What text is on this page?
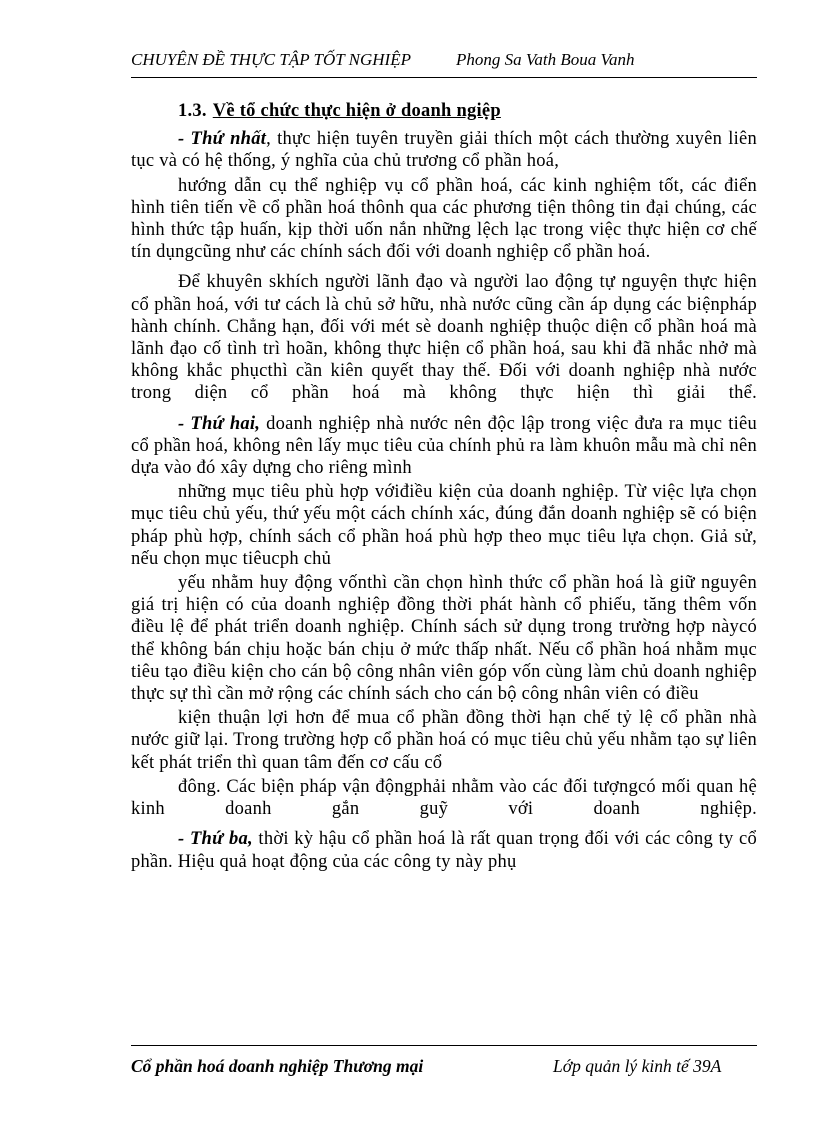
CHUYÊN ĐỀ THỰC TẬP TỐT NGHIỆP	Phong Sa Vath Boua Vanh

1.3. Về tổ chức thực hiện ở doanh ngiệp

- Thứ nhất, thực hiện tuyên truyền giải thích một cách thường xuyên liên tục và có hệ thống, ý nghĩa của chủ trương cổ phần hoá,

hướng dẫn cụ thể nghiệp vụ cổ phần hoá, các kinh nghiệm tốt, các điển hình tiên tiến về cổ phần hoá thônh qua các phương tiện thông tin đại chúng, các hình thức tập huấn, kịp thời uốn nắn những lệch lạc trong việc thực hiện cơ chế tín dụngcũng như các chính sách đối với doanh nghiệp cổ phần hoá.

Để khuyên skhích người lãnh đạo và người lao động tự nguyện thực hiện cổ phần hoá, với tư cách là chủ sở hữu, nhà nước cũng cần áp dụng các biệnpháp hành chính. Chẳng hạn, đối với mét sè doanh nghiệp thuộc diện cổ phần hoá mà lãnh đạo cố tình trì hoãn, không thực hiện cổ phần hoá, sau khi đã nhắc nhở mà không khắc phụcthì cần kiên quyết thay thế. Đối với doanh nghiệp nhà nước trong diện cổ phần hoá mà không thực hiện thì giải thể.

- Thứ hai, doanh nghiệp nhà nước nên độc lập trong việc đưa ra mục tiêu cổ phần hoá, không nên lấy mục tiêu của chính phủ ra làm khuôn mẫu mà chỉ nên dựa vào đó xây dựng cho riêng mình

những mục tiêu phù hợp vớiđiều kiện của doanh nghiệp. Từ việc lựa chọn mục tiêu chủ yếu, thứ yếu một cách chính xác, đúng đắn doanh nghiệp sẽ có biện pháp phù hợp, chính sách cổ phần hoá phù hợp theo mục tiêu lựa chọn. Giả sử, nếu chọn mục tiêucph chủ

yếu nhằm huy động vốnthì cần chọn hình thức cổ phần hoá là giữ nguyên giá trị hiện có của doanh nghiệp đồng thời phát hành cổ phiếu, tăng thêm vốn điều lệ để phát triển doanh nghiệp. Chính sách sử dụng trong trường hợp nàycó thể không bán chịu hoặc bán chịu ở mức thấp nhất. Nếu cổ phần hoá nhằm mục tiêu tạo điều kiện cho cán bộ công nhân viên góp vốn cùng làm chủ doanh nghiệp thực sự thì cần mở rộng các chính sách cho cán bộ công nhân viên có điều

kiện thuận lợi hơn để mua cổ phần đồng thời hạn chế tỷ lệ cổ phần nhà nước giữ lại. Trong trường hợp cổ phần hoá có mục tiêu chủ yếu nhằm tạo sự liên kết phát triển thì quan tâm đến cơ cấu cổ

đông. Các biện pháp vận độngphải nhằm vào các đối tượngcó mối quan hệ kinh doanh gắn guỹ với doanh nghiệp.

- Thứ ba, thời kỳ hậu cổ phần hoá là rất quan trọng đối với các công ty cổ phần. Hiệu quả hoạt động của các công ty này phụ

Cổ phần hoá doanh nghiệp Thương mại	Lớp quản lý kinh tế 39A
